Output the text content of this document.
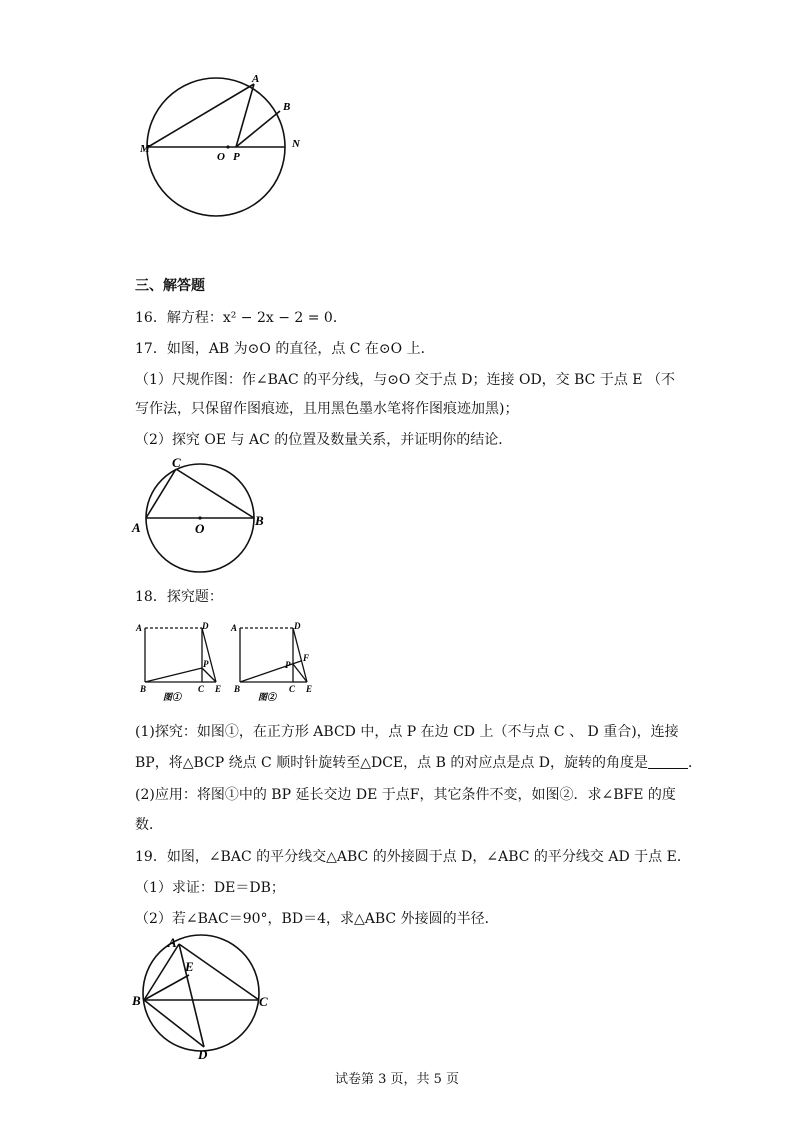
A
B
M	N
O P
三、解答题
16．解方程：x² − 2x − 2 = 0．
17．如图，AB 为⊙O 的直径，点 C 在⊙O 上．
（1）尺规作图：作∠BAC 的平分线，与⊙O 交于点 D；连接 OD，交 BC 于点 E （不
写作法，只保留作图痕迹，且用黑色墨水笔将作图痕迹加黑)；
（2）探究 OE 与 AC 的位置及数量关系，并证明你的结论．
C
A	B
O
18．探究题：
A	D
P
B	C E
图①
A	D
P
F
B	C E
图②
(1)探究：如图①，在正方形 ABCD 中，点 P 在边 CD 上（不与点 C 、 D 重合)，连接
BP，将△BCP 绕点 C 顺时针旋转至△DCE，点 B 的对应点是点 D，旋转的角度是	．
(2)应用：将图①中的 BP 延长交边 DE 于点F，其它条件不变，如图②．求∠BFE 的度
数．
19．如图，∠BAC 的平分线交△ABC 的外接圆于点 D，∠ABC 的平分线交 AD 于点 E．
（1）求证：DE＝DB；
（2）若∠BAC＝90°，BD＝4，求△ABC 外接圆的半径．
A
E
B	C
D
试卷第 3 页，共 5 页
